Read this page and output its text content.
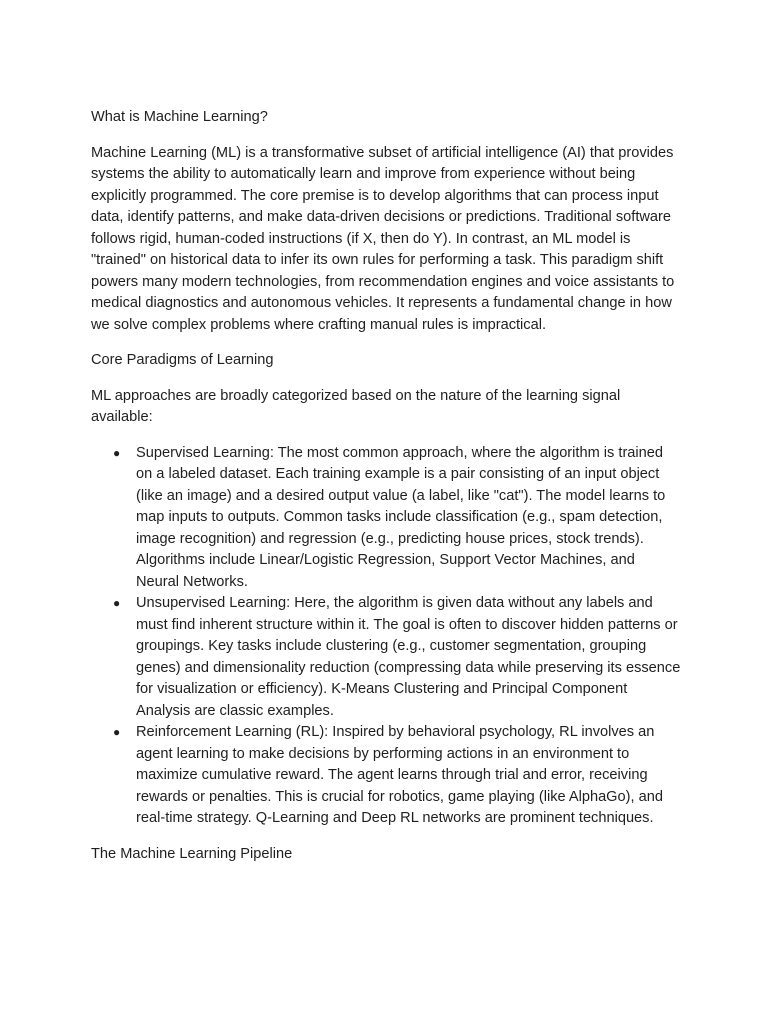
What is Machine Learning?

Machine Learning (ML) is a transformative subset of artificial intelligence (AI) that provides systems the ability to automatically learn and improve from experience without being explicitly programmed. The core premise is to develop algorithms that can process input data, identify patterns, and make data-driven decisions or predictions. Traditional software follows rigid, human-coded instructions (if X, then do Y). In contrast, an ML model is "trained" on historical data to infer its own rules for performing a task. This paradigm shift powers many modern technologies, from recommendation engines and voice assistants to medical diagnostics and autonomous vehicles. It represents a fundamental change in how we solve complex problems where crafting manual rules is impractical.

Core Paradigms of Learning

ML approaches are broadly categorized based on the nature of the learning signal available:

● Supervised Learning: The most common approach, where the algorithm is trained on a labeled dataset. Each training example is a pair consisting of an input object (like an image) and a desired output value (a label, like "cat"). The model learns to map inputs to outputs. Common tasks include classification (e.g., spam detection, image recognition) and regression (e.g., predicting house prices, stock trends). Algorithms include Linear/Logistic Regression, Support Vector Machines, and Neural Networks.
● Unsupervised Learning: Here, the algorithm is given data without any labels and must find inherent structure within it. The goal is often to discover hidden patterns or groupings. Key tasks include clustering (e.g., customer segmentation, grouping genes) and dimensionality reduction (compressing data while preserving its essence for visualization or efficiency). K-Means Clustering and Principal Component Analysis are classic examples.
● Reinforcement Learning (RL): Inspired by behavioral psychology, RL involves an agent learning to make decisions by performing actions in an environment to maximize cumulative reward. The agent learns through trial and error, receiving rewards or penalties. This is crucial for robotics, game playing (like AlphaGo), and real-time strategy. Q-Learning and Deep RL networks are prominent techniques.

The Machine Learning Pipeline
